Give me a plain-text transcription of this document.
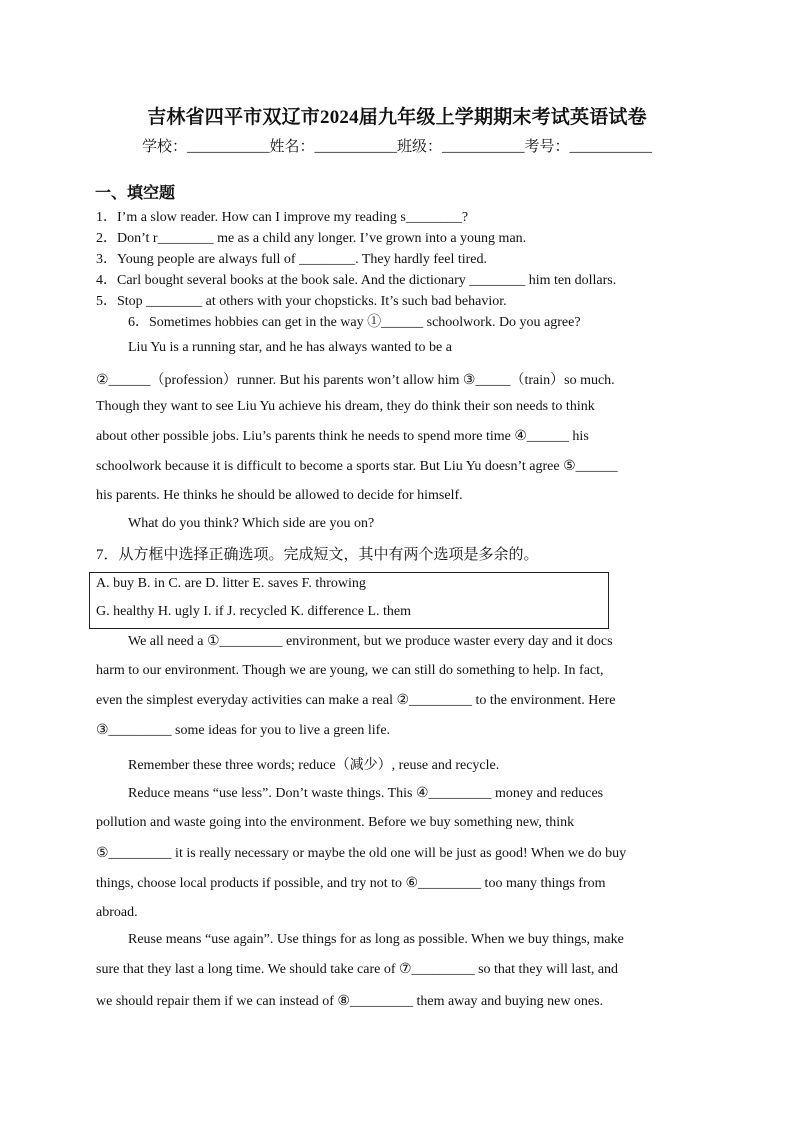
吉林省四平市双辽市2024届九年级上学期期末考试英语试卷
学校：___________姓名：___________班级：___________考号：___________
一、填空题
1．I’m a slow reader. How can I improve my reading s________?
2．Don’t r________ me as a child any longer. I’ve grown into a young man.
3．Young people are always full of ________. They hardly feel tired.
4．Carl bought several books at the book sale. And the dictionary ________ him ten dollars.
5．Stop ________ at others with your chopsticks. It’s such bad behavior.
6．Sometimes hobbies can get in the way ①______ schoolwork. Do you agree?
Liu Yu is a running star, and he has always wanted to be a
②______（profession）runner. But his parents won’t allow him ③_____（train）so much.
Though they want to see Liu Yu achieve his dream, they do think their son needs to think
about other possible jobs. Liu’s parents think he needs to spend more time ④______ his
schoolwork because it is difficult to become a sports star. But Liu Yu doesn’t agree ⑤______
his parents. He thinks he should be allowed to decide for himself.
What do you think? Which side are you on?
7．从方框中选择正确选项。完成短文，其中有两个选项是多余的。
A. buy B. in C. are D. litter E. saves F. throwing
G. healthy H. ugly I. if J. recycled K. difference L. them
We all need a ①_________ environment, but we produce waster every day and it docs
harm to our environment. Though we are young, we can still do something to help. In fact,
even the simplest everyday activities can make a real ②_________ to the environment. Here
③_________ some ideas for you to live a green life.
Remember these three words; reduce（减少）, reuse and recycle.
Reduce means “use less”. Don’t waste things. This ④_________ money and reduces
pollution and waste going into the environment. Before we buy something new, think
⑤_________ it is really necessary or maybe the old one will be just as good! When we do buy
things, choose local products if possible, and try not to ⑥_________ too many things from
abroad.
Reuse means “use again”. Use things for as long as possible. When we buy things, make
sure that they last a long time. We should take care of ⑦_________ so that they will last, and
we should repair them if we can instead of ⑧_________ them away and buying new ones.
